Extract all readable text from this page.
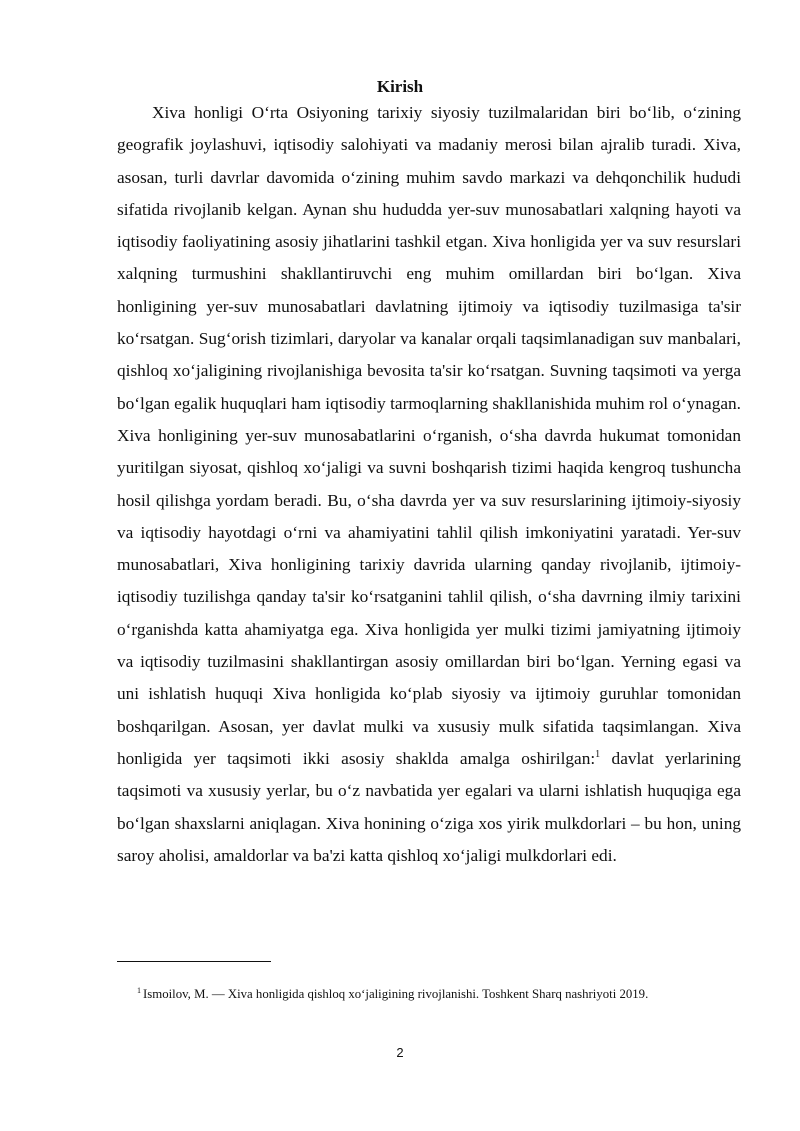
Kirish

Xiva honligi O‘rta Osiyoning tarixiy siyosiy tuzilmalaridan biri bo‘lib, o‘zining geografik joylashuvi, iqtisodiy salohiyati va madaniy merosi bilan ajralib turadi. Xiva, asosan, turli davrlar davomida o‘zining muhim savdo markazi va dehqonchilik hududi sifatida rivojlanib kelgan. Aynan shu hududda yer-suv munosabatlari xalqning hayoti va iqtisodiy faoliyatining asosiy jihatlarini tashkil etgan. Xiva honligida yer va suv resurslari xalqning turmushini shakllantiruvchi eng muhim omillardan biri bo‘lgan. Xiva honligining yer-suv munosabatlari davlatning ijtimoiy va iqtisodiy tuzilmasiga ta'sir ko‘rsatgan. Sug‘orish tizimlari, daryolar va kanalar orqali taqsimlanadigan suv manbalari, qishloq xo‘jaligining rivojlanishiga bevosita ta'sir ko‘rsatgan. Suvning taqsimoti va yerga bo‘lgan egalik huquqlari ham iqtisodiy tarmoqlarning shakllanishida muhim rol o‘ynagan. Xiva honligining yer-suv munosabatlarini o‘rganish, o‘sha davrda hukumat tomonidan yuritilgan siyosat, qishloq xo‘jaligi va suvni boshqarish tizimi haqida kengroq tushuncha hosil qilishga yordam beradi. Bu, o‘sha davrda yer va suv resurslarining ijtimoiy-siyosiy va iqtisodiy hayotdagi o‘rni va ahamiyatini tahlil qilish imkoniyatini yaratadi. Yer-suv munosabatlari, Xiva honligining tarixiy davrida ularning qanday rivojlanib, ijtimoiy-iqtisodiy tuzilishga qanday ta'sir ko‘rsatganini tahlil qilish, o‘sha davrning ilmiy tarixini o‘rganishda katta ahamiyatga ega. Xiva honligida yer mulki tizimi jamiyatning ijtimoiy va iqtisodiy tuzilmasini shakllantirgan asosiy omillardan biri bo‘lgan. Yerning egasi va uni ishlatish huquqi Xiva honligida ko‘plab siyosiy va ijtimoiy guruhlar tomonidan boshqarilgan. Asosan, yer davlat mulki va xususiy mulk sifatida taqsimlangan. Xiva honligida yer taqsimoti ikki asosiy shaklda amalga oshirilgan:$^1$ davlat yerlarining taqsimoti va xususiy yerlar, bu o‘z navbatida yer egalari va ularni ishlatish huquqiga ega bo‘lgan shaxslarni aniqlagan. Xiva honining o‘ziga xos yirik mulkdorlari – bu hon, uning saroy aholisi, amaldorlar va ba'zi katta qishloq xo‘jaligi mulkdorlari edi.

$^1$ Ismoilov, M. — Xiva honligida qishloq xo‘jaligining rivojlanishi. Toshkent Sharq nashriyoti 2019.
2
